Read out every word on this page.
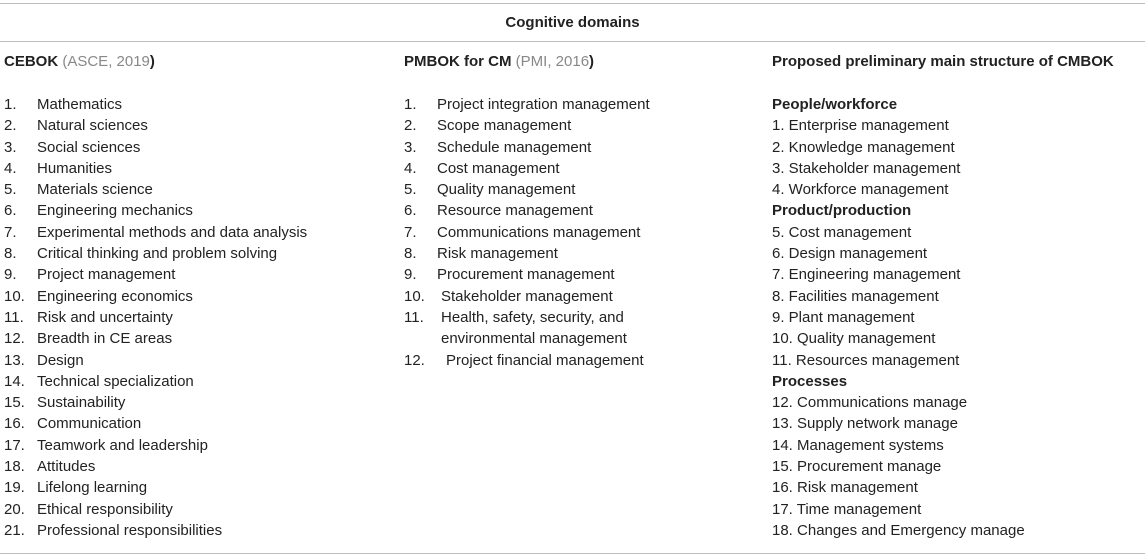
Cognitive domains
CEBOK (ASCE, 2019)	PMBOK for CM (PMI, 2016)	Proposed preliminary main structure of CMBOK
1. Mathematics
2. Natural sciences
3. Social sciences
4. Humanities
5. Materials science
6. Engineering mechanics
7. Experimental methods and data analysis
8. Critical thinking and problem solving
9. Project management
10. Engineering economics
11. Risk and uncertainty
12. Breadth in CE areas
13. Design
14. Technical specialization
15. Sustainability
16. Communication
17. Teamwork and leadership
18. Attitudes
19. Lifelong learning
20. Ethical responsibility
21. Professional responsibilities
1. Project integration management
2. Scope management
3. Schedule management
4. Cost management
5. Quality management
6. Resource management
7. Communications management
8. Risk management
9. Procurement management
10. Stakeholder management
11. Health, safety, security, and
environmental management
12. Project financial management
People/workforce
1. Enterprise management
2. Knowledge management
3. Stakeholder management
4. Workforce management
Product/production
5. Cost management
6. Design management
7. Engineering management
8. Facilities management
9. Plant management
10. Quality management
11. Resources management
Processes
12. Communications manage
13. Supply network manage
14. Management systems
15. Procurement manage
16. Risk management
17. Time management
18. Changes and Emergency manage
